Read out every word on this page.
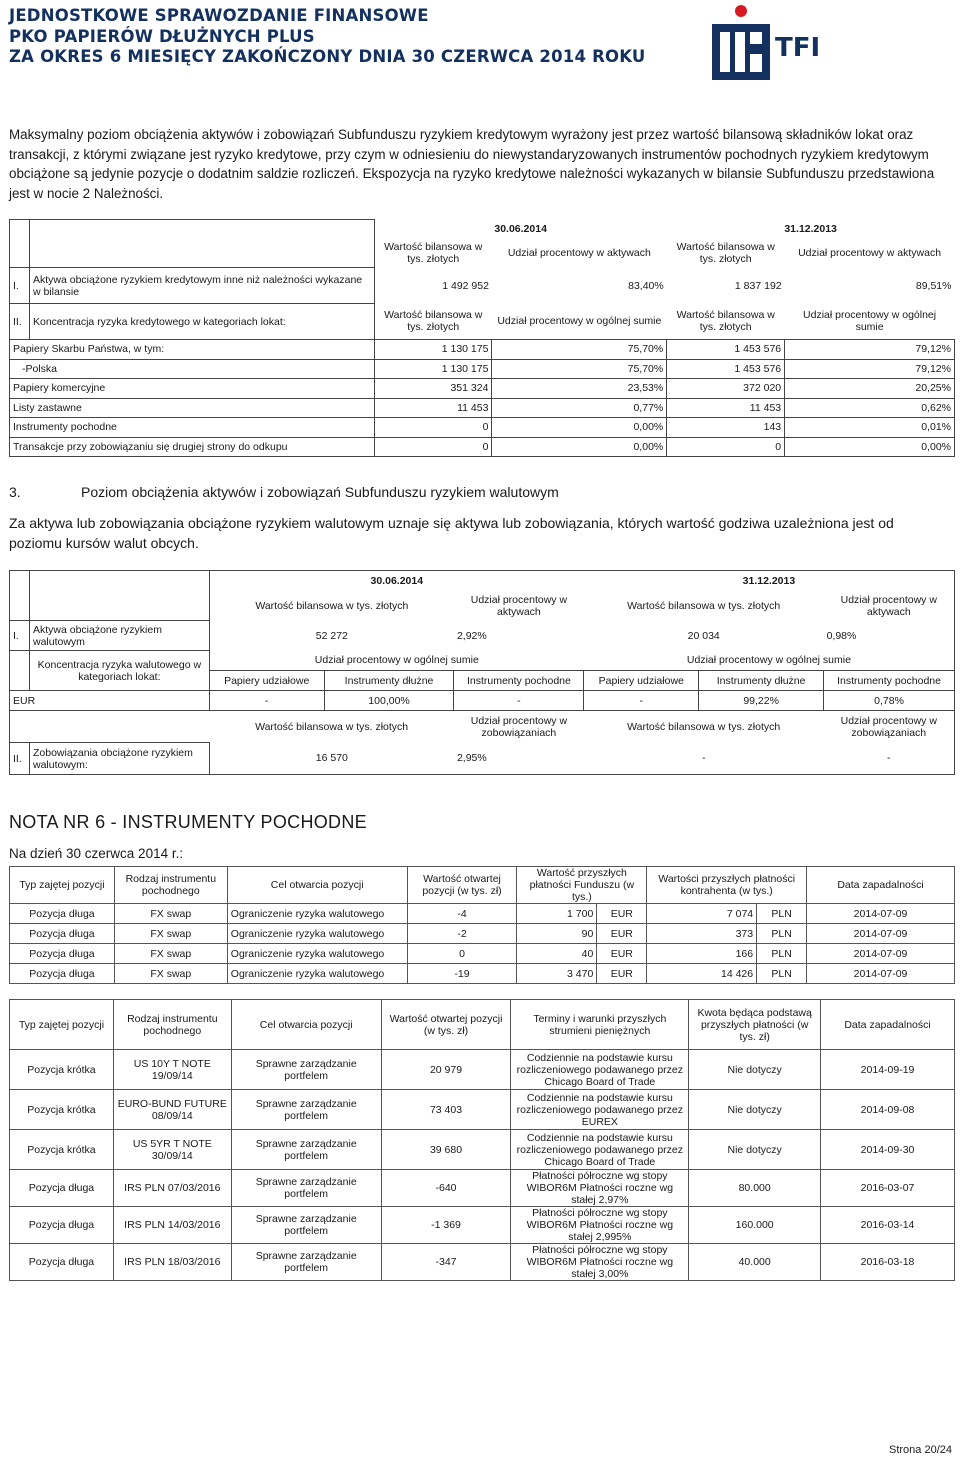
JEDNOSTKOWE SPRAWOZDANIE FINANSOWE
PKO PAPIERÓW DŁUŻNYCH PLUS
ZA OKRES 6 MIESIĘCY ZAKOŃCZONY DNIA 30 CZERWCA 2014 ROKU	TFI
Maksymalny poziom obciążenia aktywów i zobowiązań Subfunduszu ryzykiem kredytowym wyrażony jest przez wartość bilansową składników lokat oraz transakcji, z którymi związane jest ryzyko kredytowe, przy czym w odniesieniu do niewystandaryzowanych instrumentów pochodnych ryzykiem kredytowym obciążone są jedynie pozycje o dodatnim saldzie rozliczeń. Ekspozycja na ryzyko kredytowe należności wykazanych w bilansie Subfunduszu przedstawiona jest w nocie 2 Należności.
		30.06.2014		31.12.2013	
		Wartość bilansowa w tys. złotych	Udział procentowy w aktywach	Wartość bilansowa w tys. złotych	Udział procentowy w aktywach
I.	Aktywa obciążone ryzykiem kredytowym inne niż należności wykazane w bilansie	1 492 952	83,40%	1 837 192	89,51%
II.	Koncentracja ryzyka kredytowego w kategoriach lokat:	Wartość bilansowa w tys. złotych	Udział procentowy w ogólnej sumie	Wartość bilansowa w tys. złotych	Udział procentowy w ogólnej sumie
Papiery Skarbu Państwa, w tym:		1 130 175	75,70%	1 453 576	79,12%
-Polska		1 130 175	75,70%	1 453 576	79,12%
Papiery komercyjne		351 324	23,53%	372 020	20,25%
Listy zastawne		11 453	0,77%	11 453	0,62%
Instrumenty pochodne		0	0,00%	143	0,01%
Transakcje przy zobowiązaniu się drugiej strony do odkupu		0	0,00%	0	0,00%
3.	Poziom obciążenia aktywów i zobowiązań Subfunduszu ryzykiem walutowym
Za aktywa lub zobowiązania obciążone ryzykiem walutowym uznaje się aktywa lub zobowiązania, których wartość godziwa uzależniona jest od poziomu kursów walut obcych.
		30.06.2014			31.12.2013		
		Wartość bilansowa w tys. złotych		Udział procentowy w aktywach	Wartość bilansowa w tys. złotych		Udział procentowy w aktywach
I.	Aktywa obciążone ryzykiem walutowym	52 272		2,92%	20 034		0,98%
	Koncentracja ryzyka walutowego w kategoriach lokat:	Udział procentowy w ogólnej sumie			Udział procentowy w ogólnej sumie		
		Papiery udziałowe	Instrumenty dłużne	Instrumenty pochodne	Papiery udziałowe	Instrumenty dłużne	Instrumenty pochodne
EUR		-	100,00%	-	-	99,22%	0,78%
		Wartość bilansowa w tys. złotych		Udział procentowy w zobowiązaniach	Wartość bilansowa w tys. złotych		Udział procentowy w zobowiązaniach
II.	Zobowiązania obciążone ryzykiem walutowym:	16 570		2,95%	-		-
NOTA NR 6 - INSTRUMENTY POCHODNE
Na dzień 30 czerwca 2014 r.:
Typ zajętej pozycji	Rodzaj instrumentu pochodnego	Cel otwarcia pozycji	Wartość otwartej pozycji (w tys. zł)	Wartość przyszłych płatności Funduszu (w tys.)		Wartości przyszłych płatności kontrahenta (w tys.)		Data zapadalności
Pozycja długa	FX swap	Ograniczenie ryzyka walutowego	-4	1 700	EUR	7 074	PLN	2014-07-09
Pozycja długa	FX swap	Ograniczenie ryzyka walutowego	-2	90	EUR	373	PLN	2014-07-09
Pozycja długa	FX swap	Ograniczenie ryzyka walutowego	0	40	EUR	166	PLN	2014-07-09
Pozycja długa	FX swap	Ograniczenie ryzyka walutowego	-19	3 470	EUR	14 426	PLN	2014-07-09
Typ zajętej pozycji	Rodzaj instrumentu pochodnego	Cel otwarcia pozycji	Wartość otwartej pozycji (w tys. zł)	Terminy i warunki przyszłych strumieni pieniężnych	Kwota będąca podstawą przyszłych płatności (w tys. zł)	Data zapadalności
Pozycja krótka	US 10Y T NOTE 19/09/14	Sprawne zarządzanie portfelem	20 979	Codziennie na podstawie kursu rozliczeniowego podawanego przez Chicago Board of Trade	Nie dotyczy	2014-09-19
Pozycja krótka	EURO-BUND FUTURE 08/09/14	Sprawne zarządzanie portfelem	73 403	Codziennie na podstawie kursu rozliczeniowego podawanego przez EUREX	Nie dotyczy	2014-09-08
Pozycja krótka	US 5YR T NOTE 30/09/14	Sprawne zarządzanie portfelem	39 680	Codziennie na podstawie kursu rozliczeniowego podawanego przez Chicago Board of Trade	Nie dotyczy	2014-09-30
Pozycja długa	IRS PLN 07/03/2016	Sprawne zarządzanie portfelem	-640	Płatności półroczne wg stopy WIBOR6M Płatności roczne wg stałej 2,97%	80.000	2016-03-07
Pozycja długa	IRS PLN 14/03/2016	Sprawne zarządzanie portfelem	-1 369	Płatności półroczne wg stopy WIBOR6M Płatności roczne wg stałej 2,995%	160.000	2016-03-14
Pozycja długa	IRS PLN 18/03/2016	Sprawne zarządzanie portfelem	-347	Płatności półroczne wg stopy WIBOR6M Płatności roczne wg stałej 3,00%	40.000	2016-03-18
Strona 20/24
